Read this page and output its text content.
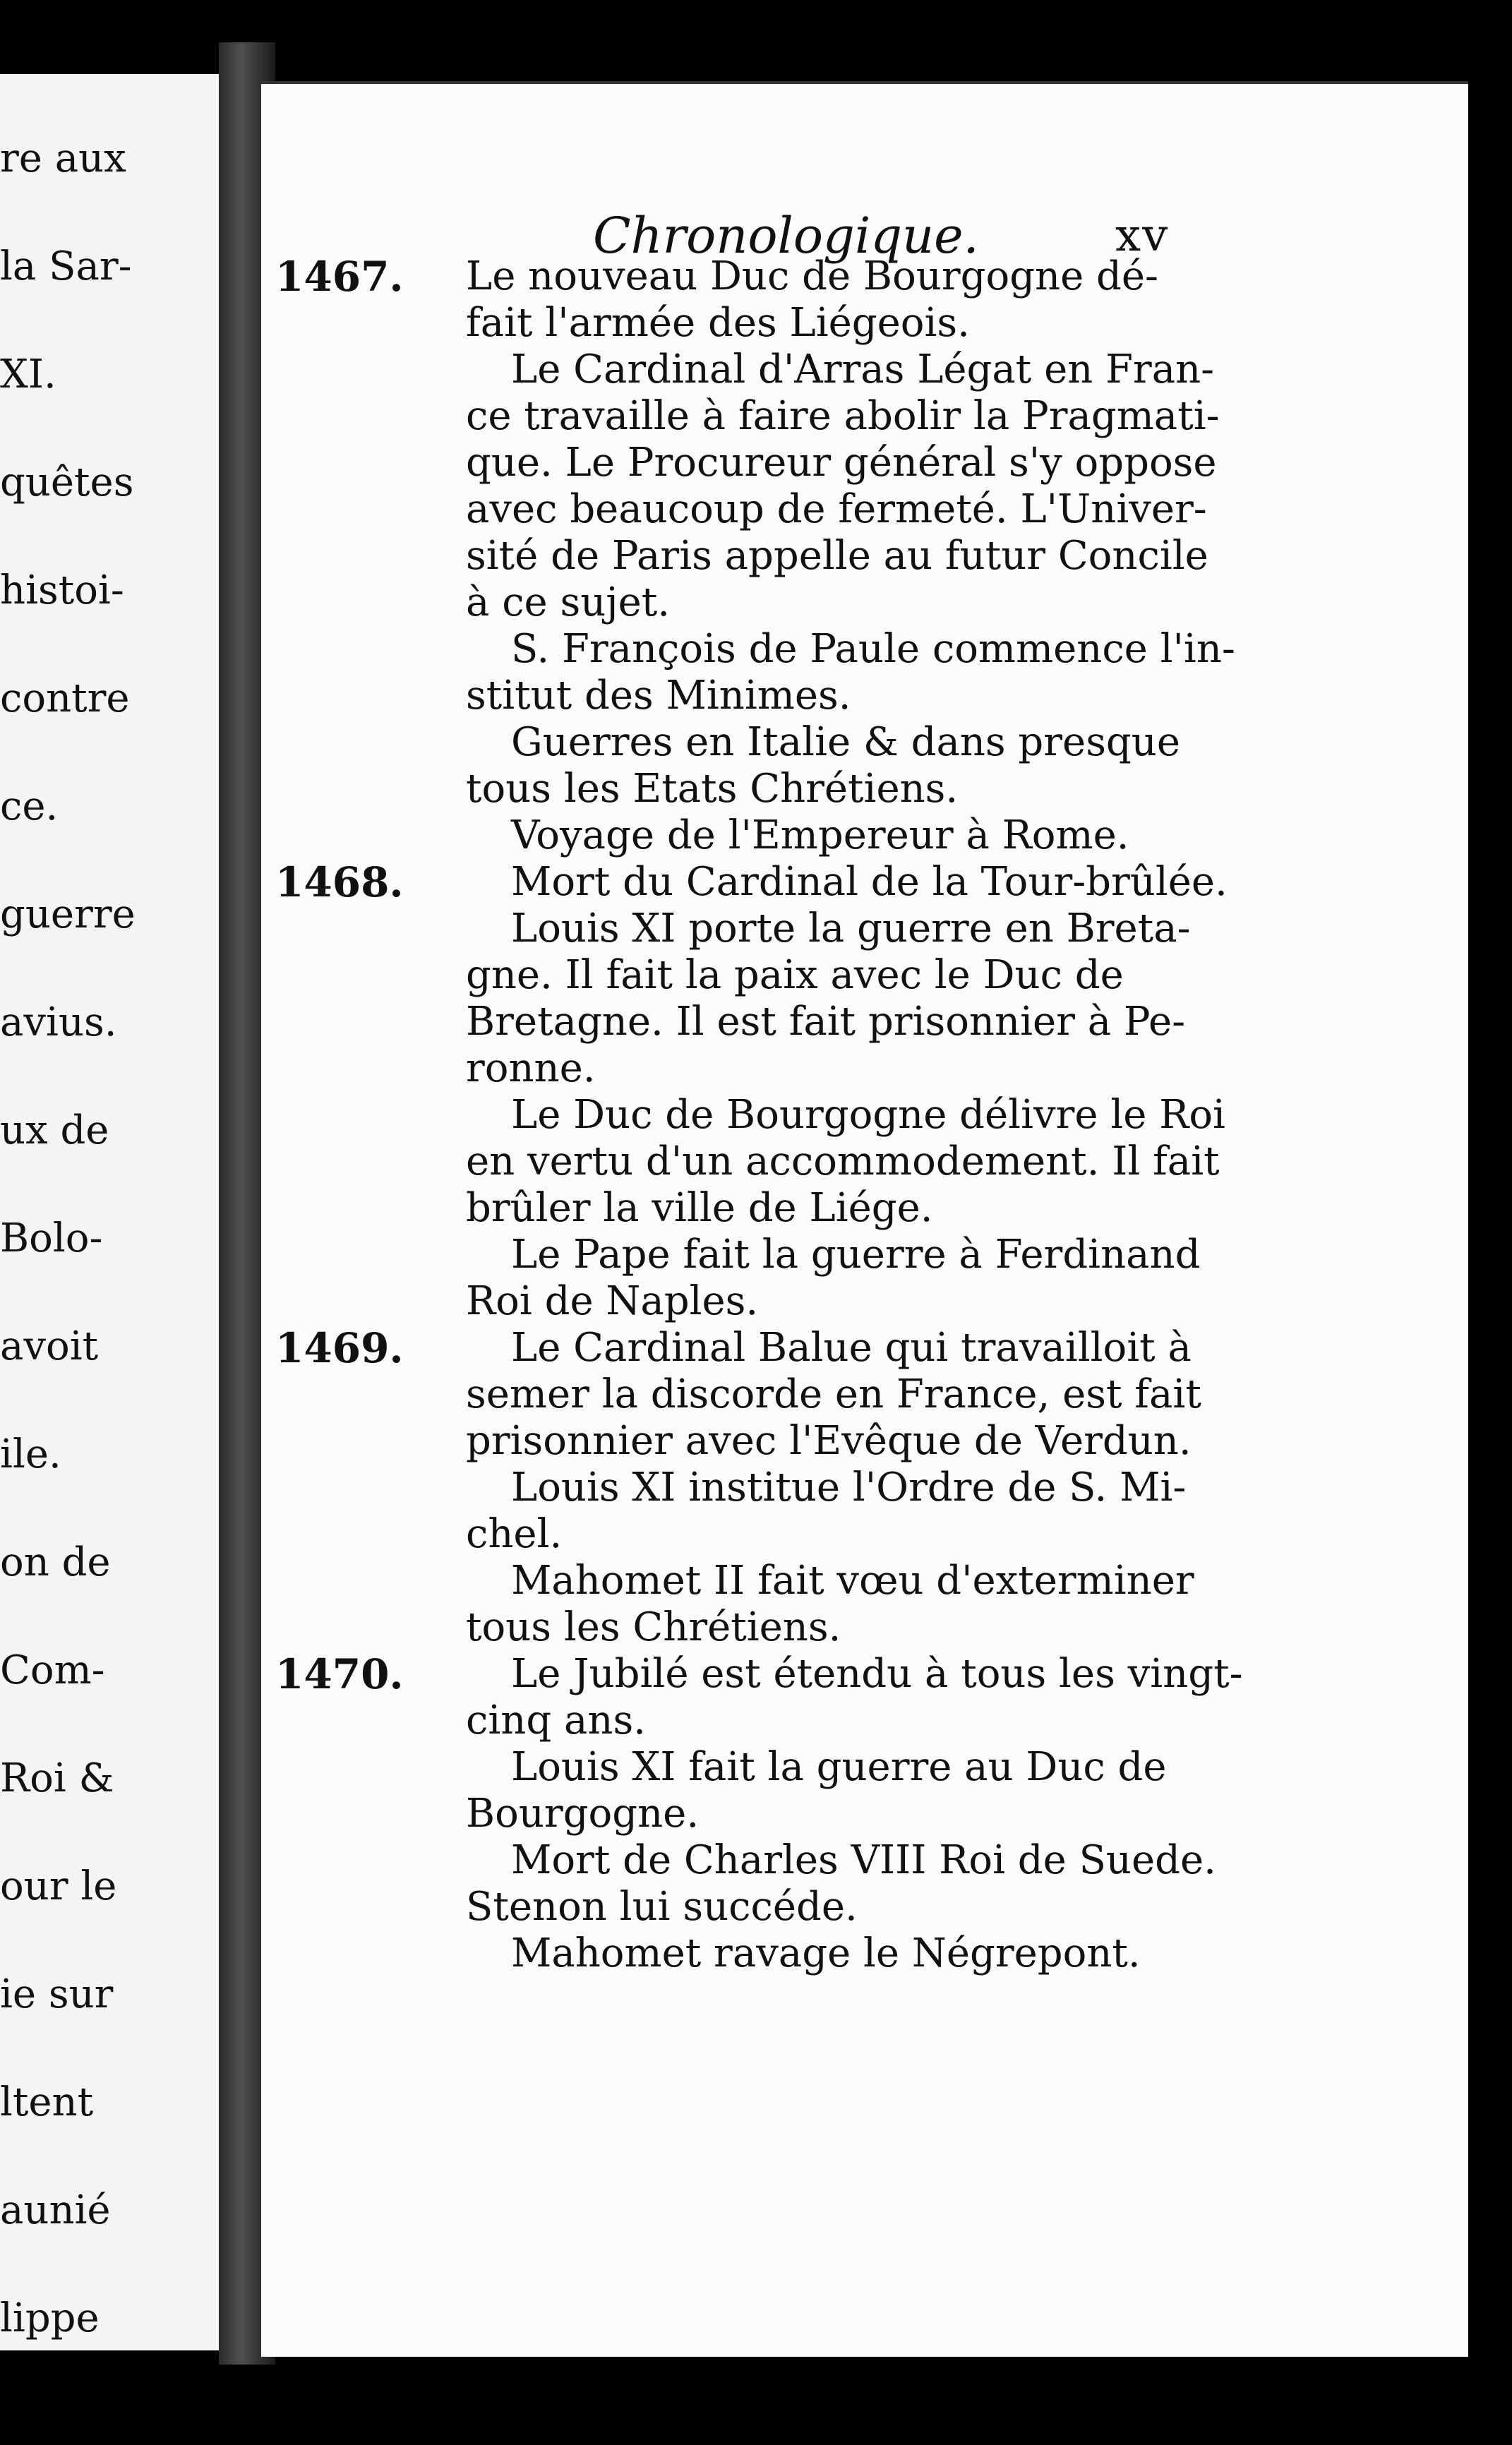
re aux
la Sar-
XI.
quêtes
histoi-
contre
ce.
guerre
avius.
ux de
Bolo-
avoit
ile.
on de
Com-
Roi &
our le
ie sur
ltent
aunié
lippe
Chronologique.	xv
1467. Le nouveau Duc de Bourgogne dé-
fait l'armée des Liégeois.
Le Cardinal d'Arras Légat en Fran-
ce travaille à faire abolir la Pragmati-
que. Le Procureur général s'y oppose
avec beaucoup de fermeté. L'Univer-
sité de Paris appelle au futur Concile
à ce sujet.
S. François de Paule commence l'in-
stitut des Minimes.
Guerres en Italie & dans presque
tous les Etats Chrétiens.
Voyage de l'Empereur à Rome.
1468.	Mort du Cardinal de la Tour-brûlée.
Louis XI porte la guerre en Breta-
gne. Il fait la paix avec le Duc de
Bretagne. Il est fait prisonnier à Pe-
ronne.
Le Duc de Bourgogne délivre le Roi
en vertu d'un accommodement. Il fait
brûler la ville de Liége.
Le Pape fait la guerre à Ferdinand
Roi de Naples.
1469.	Le Cardinal Balue qui travailloit à
semer la discorde en France, est fait
prisonnier avec l'Evêque de Verdun.
Louis XI institue l'Ordre de S. Mi-
chel.
Mahomet II fait vœu d'exterminer
tous les Chrétiens.
1470.	Le Jubilé est étendu à tous les vingt-
cinq ans.
Louis XI fait la guerre au Duc de
Bourgogne.
Mort de Charles VIII Roi de Suede.
Stenon lui succéde.
Mahomet ravage le Négrepont.
